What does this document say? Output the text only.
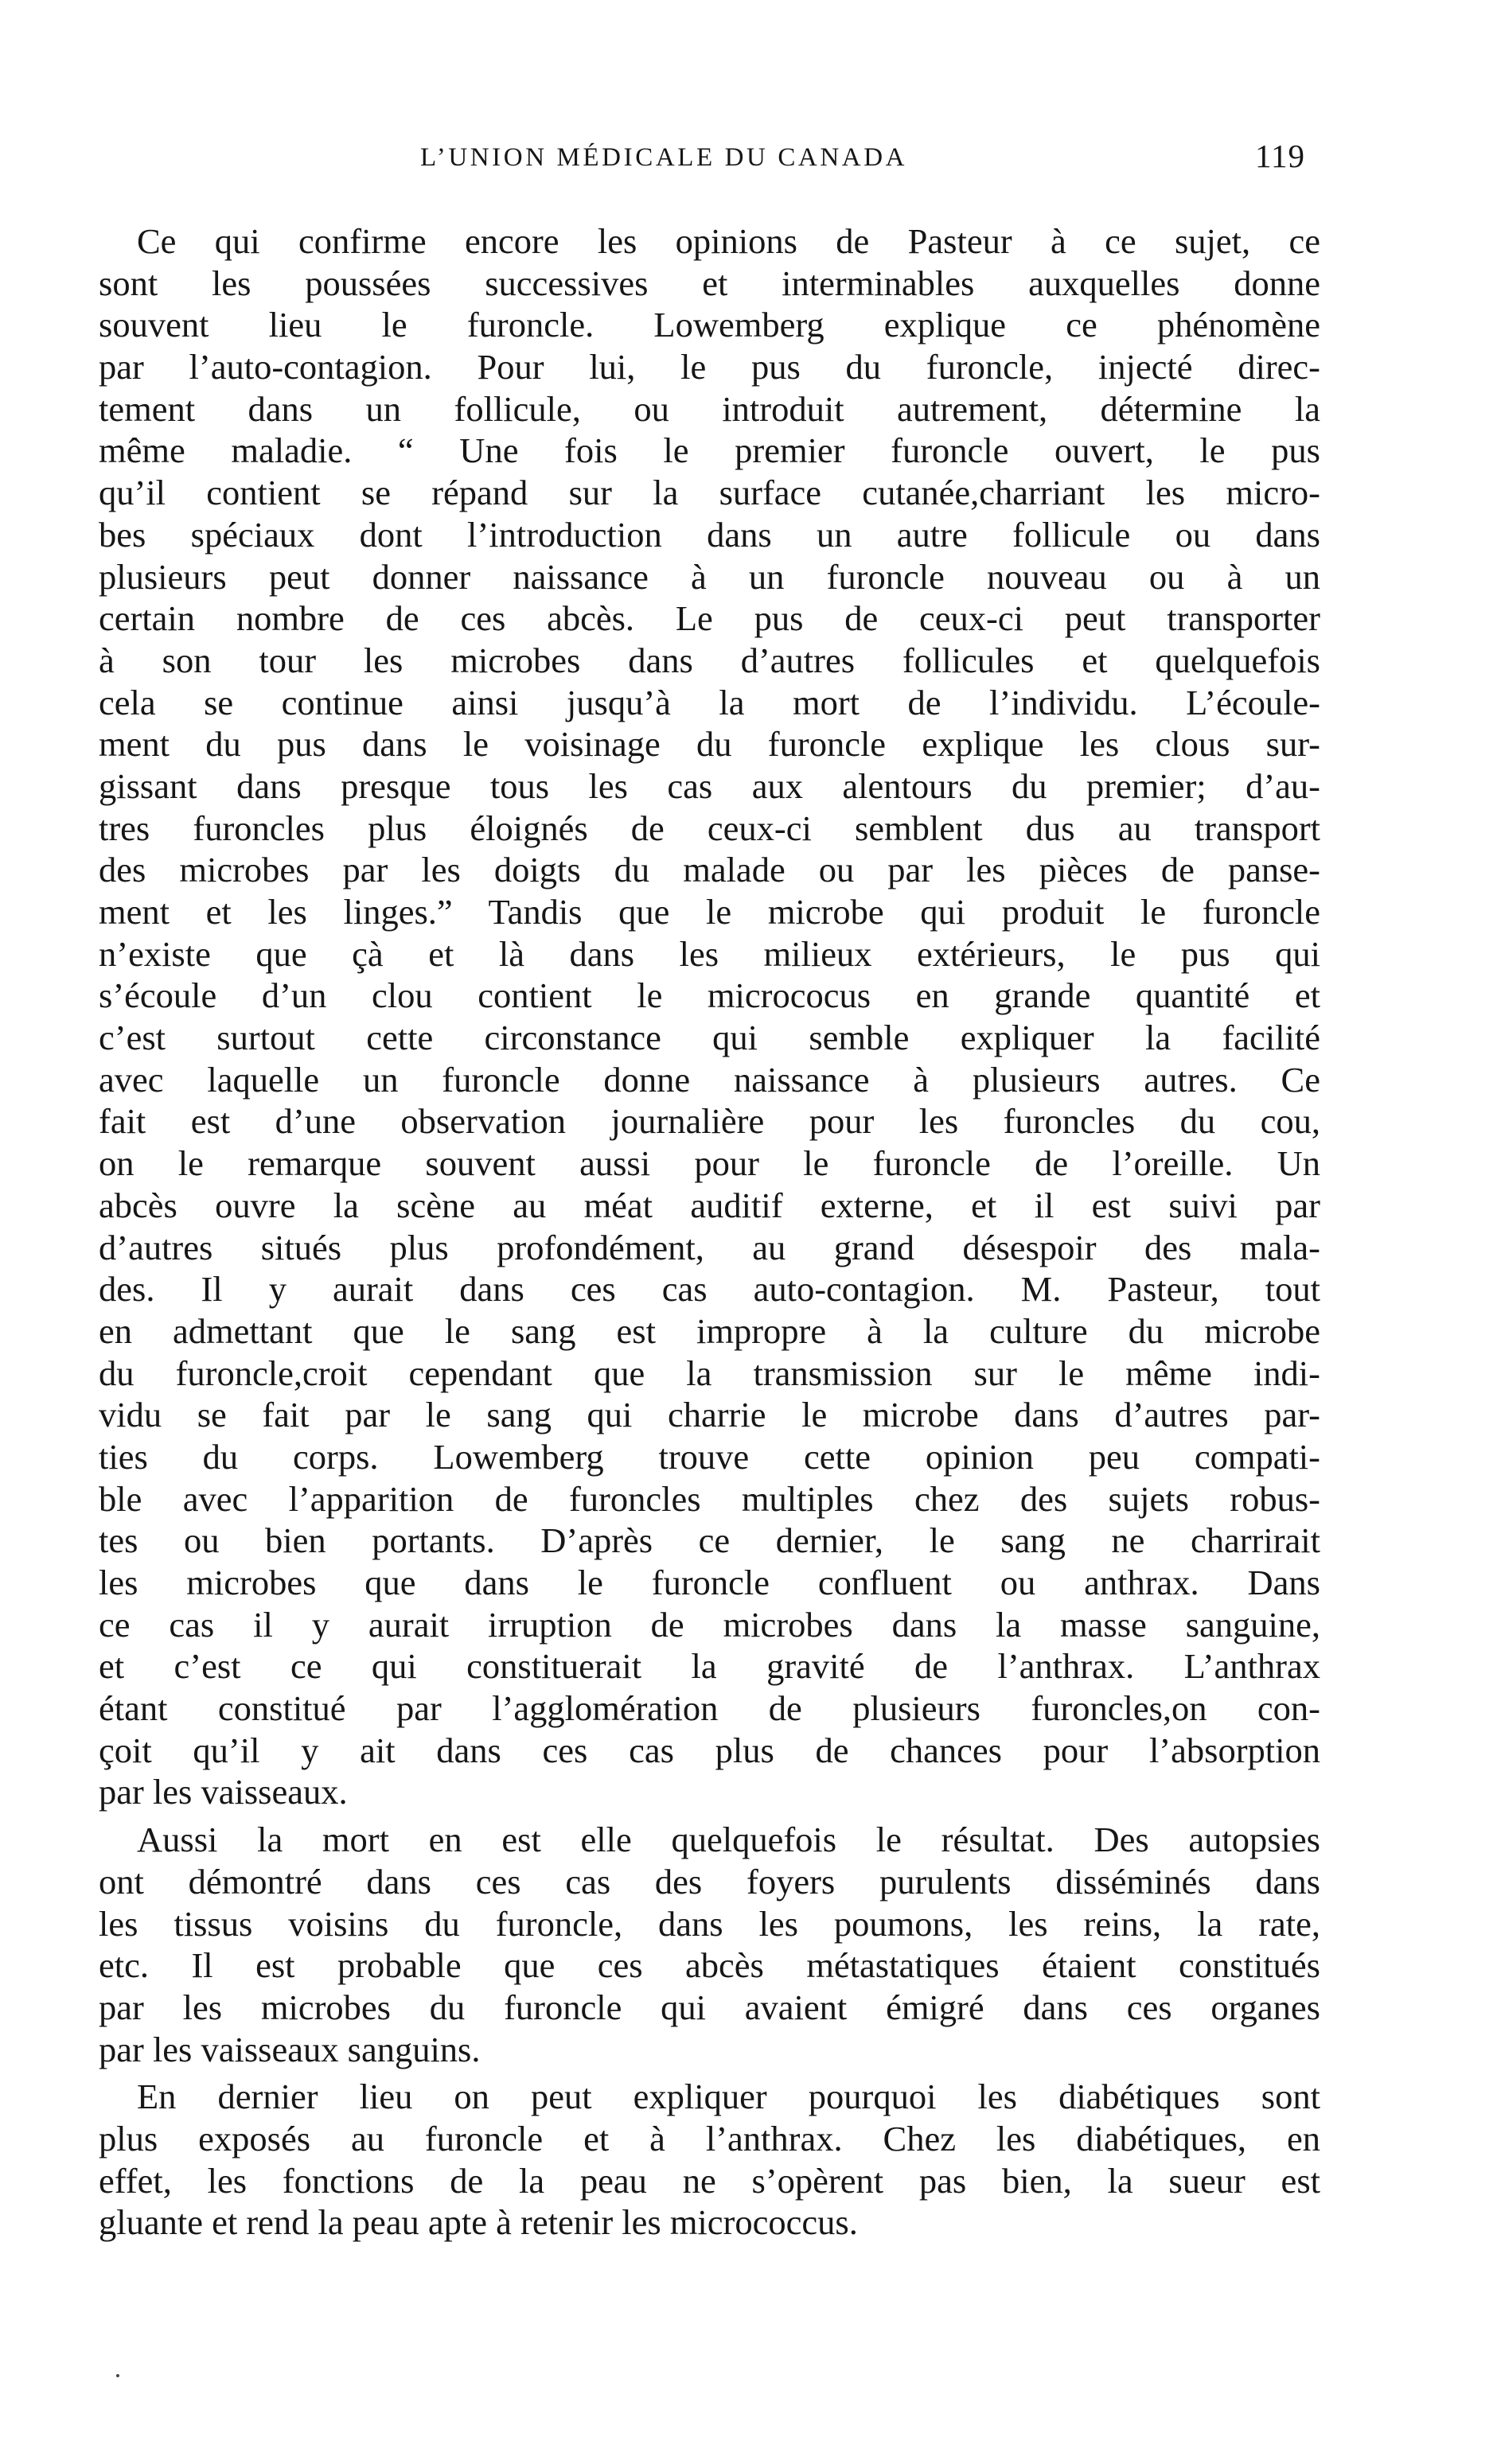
L’UNION MÉDICALE DU CANADA	119
Ce qui confirme encore les opinions de Pasteur à ce sujet, ce
sont les poussées successives et interminables auxquelles donne
souvent lieu le furoncle. Lowemberg explique ce phénomène
par l’auto-contagion. Pour lui, le pus du furoncle, injecté direc-
tement dans un follicule, ou introduit autrement, détermine la
même maladie. “ Une fois le premier furoncle ouvert, le pus
qu’il contient se répand sur la surface cutanée,charriant les micro-
bes spéciaux dont l’introduction dans un autre follicule ou dans
plusieurs peut donner naissance à un furoncle nouveau ou à un
certain nombre de ces abcès. Le pus de ceux-ci peut transporter
à son tour les microbes dans d’autres follicules et quelquefois
cela se continue ainsi jusqu’à la mort de l’individu. L’écoule-
ment du pus dans le voisinage du furoncle explique les clous sur-
gissant dans presque tous les cas aux alentours du premier; d’au-
tres furoncles plus éloignés de ceux-ci semblent dus au transport
des microbes par les doigts du malade ou par les pièces de panse-
ment et les linges.” Tandis que le microbe qui produit le furoncle
n’existe que çà et là dans les milieux extérieurs, le pus qui
s’écoule d’un clou contient le micrococus en grande quantité et
c’est surtout cette circonstance qui semble expliquer la facilité
avec laquelle un furoncle donne naissance à plusieurs autres. Ce
fait est d’une observation journalière pour les furoncles du cou,
on le remarque souvent aussi pour le furoncle de l’oreille. Un
abcès ouvre la scène au méat auditif externe, et il est suivi par
d’autres situés plus profondément, au grand désespoir des mala-
des. Il y aurait dans ces cas auto-contagion. M. Pasteur, tout
en admettant que le sang est impropre à la culture du microbe
du furoncle,croit cependant que la transmission sur le même indi-
vidu se fait par le sang qui charrie le microbe dans d’autres par-
ties du corps. Lowemberg trouve cette opinion peu compati-
ble avec l’apparition de furoncles multiples chez des sujets robus-
tes ou bien portants. D’après ce dernier, le sang ne charrirait
les microbes que dans le furoncle confluent ou anthrax. Dans
ce cas il y aurait irruption de microbes dans la masse sanguine,
et c’est ce qui constituerait la gravité de l’anthrax. L’anthrax
étant constitué par l’agglomération de plusieurs furoncles,on con-
çoit qu’il y ait dans ces cas plus de chances pour l’absorption
par les vaisseaux.
Aussi la mort en est elle quelquefois le résultat. Des autopsies
ont démontré dans ces cas des foyers purulents disséminés dans
les tissus voisins du furoncle, dans les poumons, les reins, la rate,
etc. Il est probable que ces abcès métastatiques étaient constitués
par les microbes du furoncle qui avaient émigré dans ces organes
par les vaisseaux sanguins.
En dernier lieu on peut expliquer pourquoi les diabétiques sont
plus exposés au furoncle et à l’anthrax. Chez les diabétiques, en
effet, les fonctions de la peau ne s’opèrent pas bien, la sueur est
gluante et rend la peau apte à retenir les micrococcus.
